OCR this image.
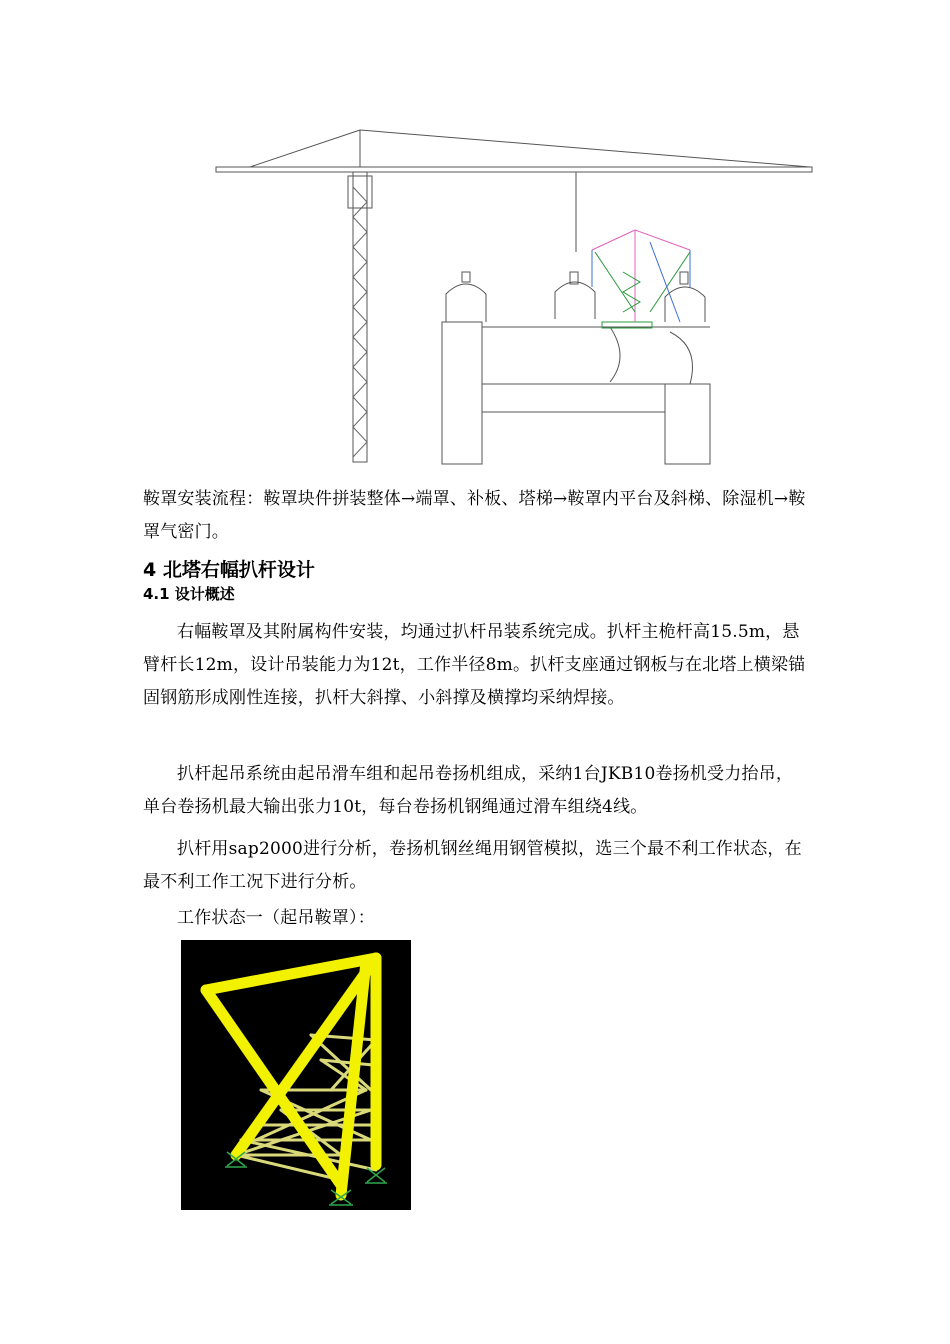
鞍罩安装流程：鞍罩块件拼装整体→端罩、补板、塔梯→鞍罩内平台及斜梯、除湿机→鞍罩气密门。
4 北塔右幅扒杆设计
4.1 设计概述
右幅鞍罩及其附属构件安装，均通过扒杆吊装系统完成。扒杆主桅杆高15.5m，悬臂杆长12m，设计吊装能力为12t，工作半径8m。扒杆支座通过钢板与在北塔上横梁锚固钢筋形成刚性连接，扒杆大斜撑、小斜撑及横撑均采纳焊接。
扒杆起吊系统由起吊滑车组和起吊卷扬机组成，采纳1台JKB10卷扬机受力抬吊，单台卷扬机最大输出张力10t，每台卷扬机钢绳通过滑车组绕4线。
扒杆用sap2000进行分析，卷扬机钢丝绳用钢管模拟，选三个最不利工作状态，在最不利工作工况下进行分析。
工作状态一（起吊鞍罩）：
